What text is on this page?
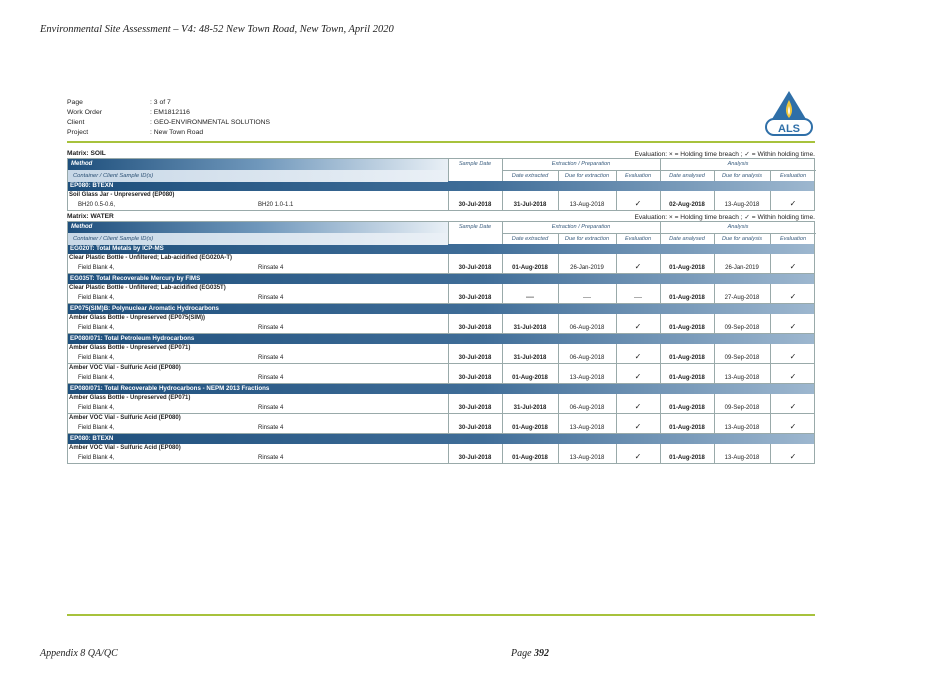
Environmental Site Assessment – V4: 48-52 New Town Road, New Town, April 2020
Page	: 3 of 7
Work Order	: EM1812116
Client	: GEO-ENVIRONMENTAL SOLUTIONS
Project	: New Town Road	ALS
Matrix: SOIL	Evaluation: × = Holding time breach ; ✓ = Within holding time.
Method
Container / Client Sample ID(s)
Sample Date	Extraction / Preparation	Analysis
Date extracted	Due for extraction	Evaluation	Date analysed	Due for analysis	Evaluation
EP080: BTEXN
Soil Glass Jar - Unpreserved (EP080)
BH20 0.5-0.6,	BH20 1.0-1.1	30-Jul-2018	31-Jul-2018	13-Aug-2018	✓	02-Aug-2018	13-Aug-2018	✓
Matrix: WATER	Evaluation: × = Holding time breach ; ✓ = Within holding time.
Method
Container / Client Sample ID(s)
Sample Date	Extraction / Preparation	Analysis
Date extracted	Due for extraction	Evaluation	Date analysed	Due for analysis	Evaluation
EG020T: Total Metals by ICP-MS
Clear Plastic Bottle - Unfiltered; Lab-acidified (EG020A-T)
Field Blank 4,	Rinsate 4	30-Jul-2018	01-Aug-2018	26-Jan-2019	✓	01-Aug-2018	26-Jan-2019	✓
EG035T: Total Recoverable Mercury by FIMS
Clear Plastic Bottle - Unfiltered; Lab-acidified (EG035T)
Field Blank 4,	Rinsate 4	30-Jul-2018	----	----	----	01-Aug-2018	27-Aug-2018	✓
EP075(SIM)B: Polynuclear Aromatic Hydrocarbons
Amber Glass Bottle - Unpreserved (EP075(SIM))
Field Blank 4,	Rinsate 4	30-Jul-2018	31-Jul-2018	06-Aug-2018	✓	01-Aug-2018	09-Sep-2018	✓
EP080/071: Total Petroleum Hydrocarbons
Amber Glass Bottle - Unpreserved (EP071)
Field Blank 4,	Rinsate 4	30-Jul-2018	31-Jul-2018	06-Aug-2018	✓	01-Aug-2018	09-Sep-2018	✓
Amber VOC Vial - Sulfuric Acid (EP080)
Field Blank 4,	Rinsate 4	30-Jul-2018	01-Aug-2018	13-Aug-2018	✓	01-Aug-2018	13-Aug-2018	✓
EP080/071: Total Recoverable Hydrocarbons - NEPM 2013 Fractions
Amber Glass Bottle - Unpreserved (EP071)
Field Blank 4,	Rinsate 4	30-Jul-2018	31-Jul-2018	06-Aug-2018	✓	01-Aug-2018	09-Sep-2018	✓
Amber VOC Vial - Sulfuric Acid (EP080)
Field Blank 4,	Rinsate 4	30-Jul-2018	01-Aug-2018	13-Aug-2018	✓	01-Aug-2018	13-Aug-2018	✓
EP080: BTEXN
Amber VOC Vial - Sulfuric Acid (EP080)
Field Blank 4,	Rinsate 4	30-Jul-2018	01-Aug-2018	13-Aug-2018	✓	01-Aug-2018	13-Aug-2018	✓
Appendix 8 QA/QC	Page 392
